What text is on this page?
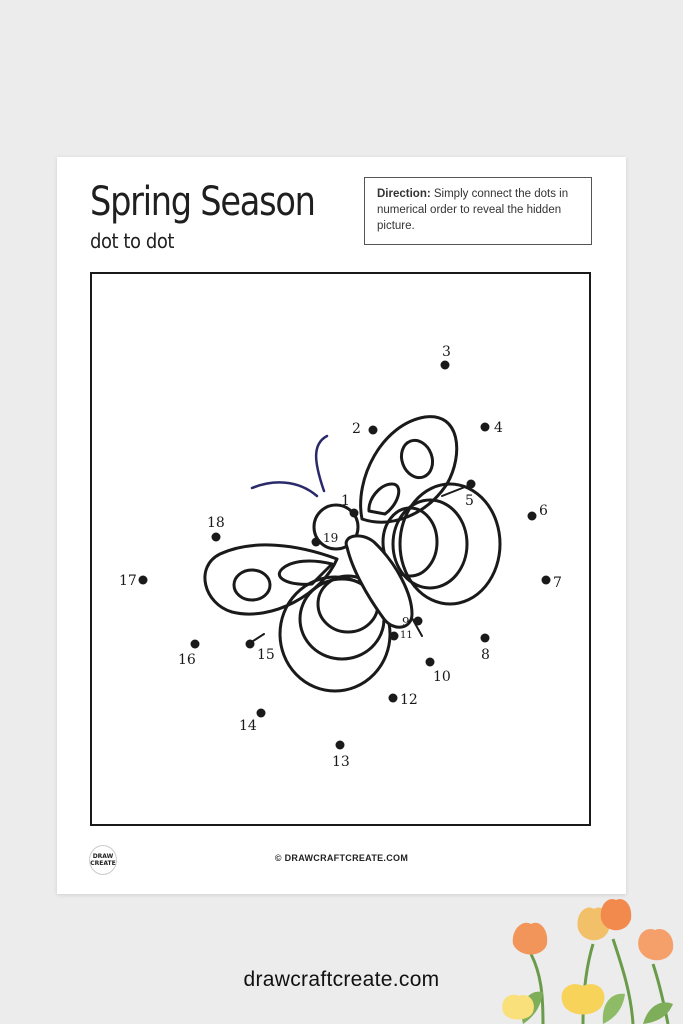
Spring Season
dot to dot
Direction: Simply connect the dots in numerical order to reveal the hidden picture.
1
2
3
4
5
6
7
8
9
10
11
12
13
14
15
16
17
18
19
DRAW
CREATE
© DRAWCRAFTCREATE.COM
drawcraftcreate.com
